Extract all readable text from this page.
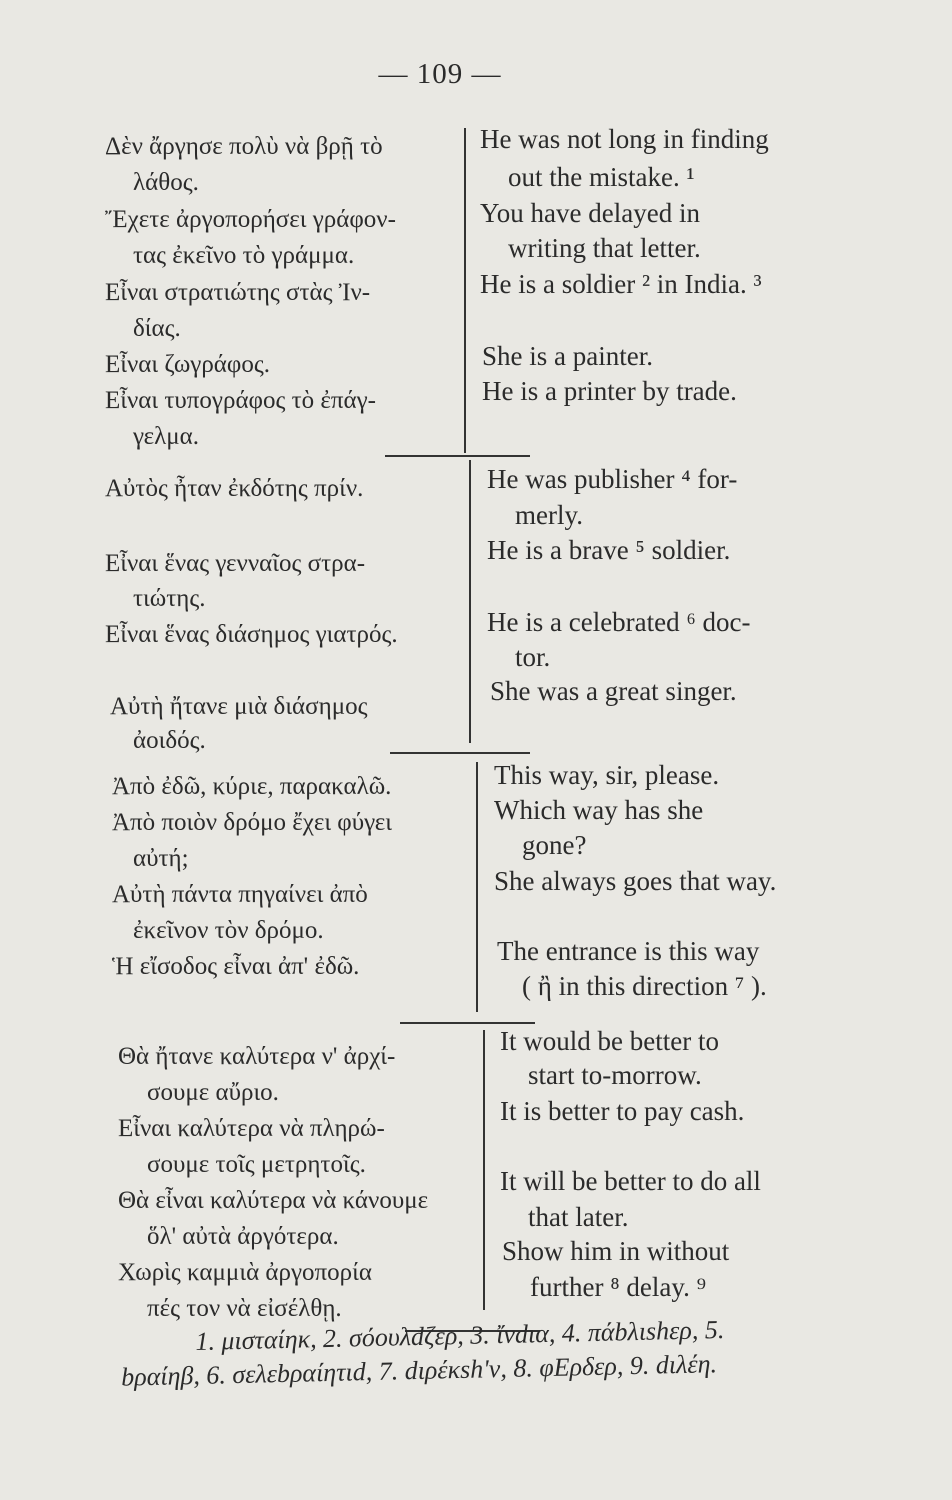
— 109 —
Δὲν ἄργησε πολὺ νὰ βρῇ τὸ
λάθος.
Ἔχετε ἀργοπορήσει γράφον-
τας ἐκεῖνο τὸ γράμμα.
Εἶναι στρατιώτης στὰς Ἰν-
δίας.
Εἶναι ζωγράφος.
Εἶναι τυπογράφος τὸ ἐπάγ-
γελμα.
He was not long in finding
out the mistake. ¹
You have delayed in
writing that letter.
He is a soldier ² in India. ³
She is a painter.
He is a printer by trade.
Αὐτὸς ἦταν ἐκδότης πρίν.
Εἶναι ἕνας γενναῖος στρα-
τιώτης.
Εἶναι ἕνας διάσημος γιατρός.
Αὐτὴ ἤτανε μιὰ διάσημος
ἀοιδός.
He was publisher ⁴ for-
merly.
He is a brave ⁵ soldier.
He is a celebrated ⁶ doc-
tor.
She was a great singer.
Ἀπὸ ἐδῶ, κύριε, παρακαλῶ.
Ἀπὸ ποιὸν δρόμο ἔχει φύγει
αὐτή;
Αὐτὴ πάντα πηγαίνει ἀπὸ
ἐκεῖνον τὸν δρόμο.
Ἡ εἴσοδος εἶναι ἀπ' ἐδῶ.
This way, sir, please.
Which way has she
gone?
She always goes that way.
The entrance is this way
( ἢ in this direction ⁷ ).
Θὰ ἤτανε καλύτερα ν' ἀρχί-
σουμε αὔριο.
Εἶναι καλύτερα νὰ πληρώ-
σουμε τοῖς μετρητοῖς.
Θὰ εἶναι καλύτερα νὰ κάνουμε
ὅλ' αὐτὰ ἀργότερα.
Χωρὶς καμμιὰ ἀργοπορία
πές τον νὰ εἰσέλθῃ.
It would be better to
start to-morrow.
It is better to pay cash.
It will be better to do all
that later.
Show him in without
further ⁸ delay. ⁹
1. μισταίηκ, 2. σόουλdζερ, 3. ἴνdια, 4. πάbλιshερ, 5.
bραίηβ, 6. σελεbραίητιd, 7. dιρέκsh'ν, 8. φΕρδερ, 9. dιλέη.
